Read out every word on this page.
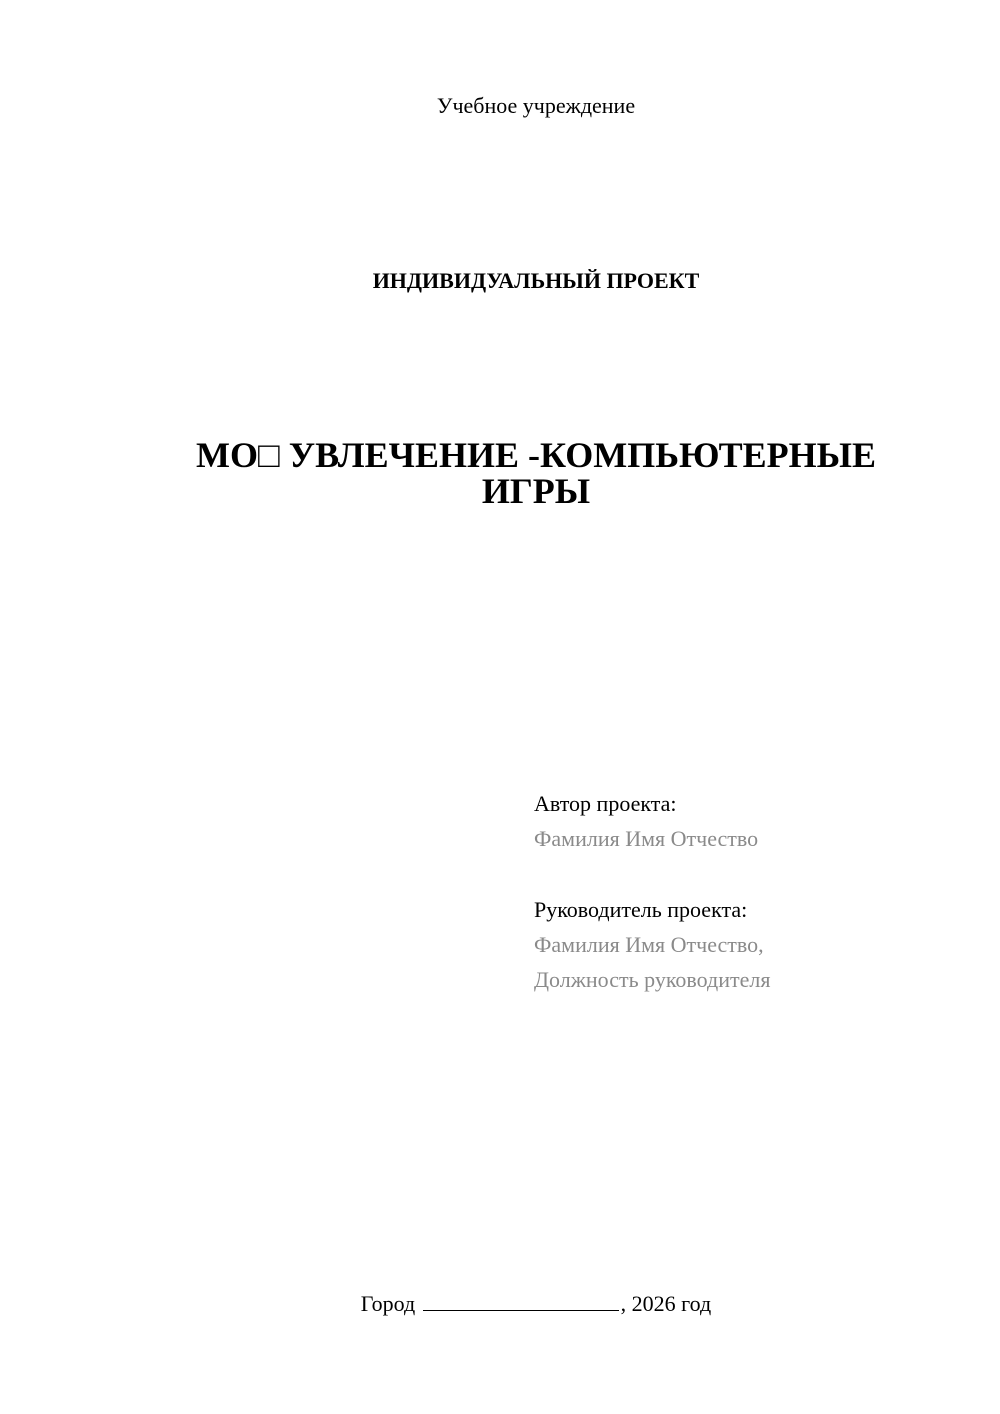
Учебное учреждение
ИНДИВИДУАЛЬНЫЙ ПРОЕКТ
МО□ УВЛЕЧЕНИЕ -КОМПЬЮТЕРНЫЕ
ИГРЫ
Автор проекта:
Фамилия Имя Отчество
Руководитель проекта:
Фамилия Имя Отчество,
Должность руководителя
Город	, 2026 год
